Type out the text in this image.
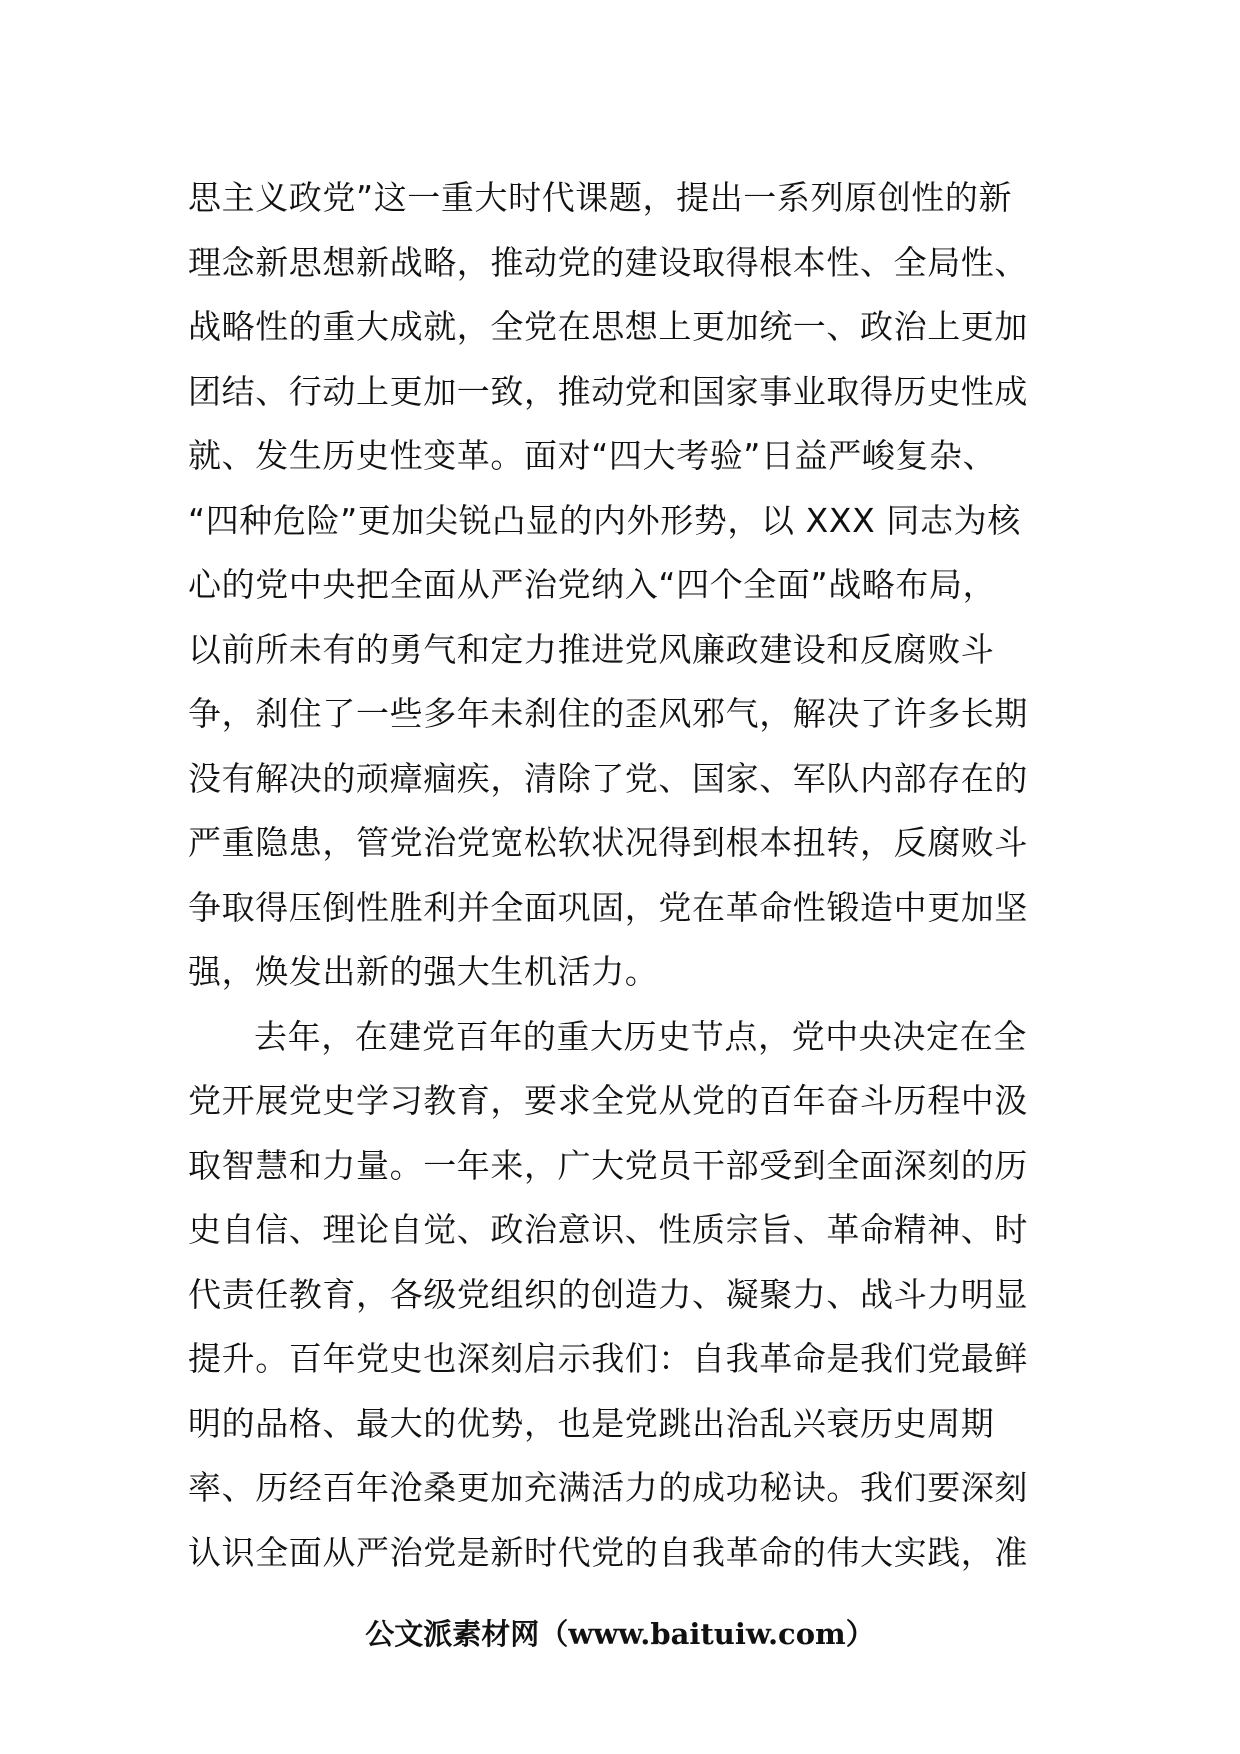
思主义政党”这一重大时代课题，提出一系列原创性的新
理念新思想新战略，推动党的建设取得根本性、全局性、
战略性的重大成就，全党在思想上更加统一、政治上更加
团结、行动上更加一致，推动党和国家事业取得历史性成
就、发生历史性变革。面对“四大考验”日益严峻复杂、
“四种危险”更加尖锐凸显的内外形势，以 XXX 同志为核
心的党中央把全面从严治党纳入“四个全面”战略布局，
以前所未有的勇气和定力推进党风廉政建设和反腐败斗
争，刹住了一些多年未刹住的歪风邪气，解决了许多长期
没有解决的顽瘴痼疾，清除了党、国家、军队内部存在的
严重隐患，管党治党宽松软状况得到根本扭转，反腐败斗
争取得压倒性胜利并全面巩固，党在革命性锻造中更加坚
强，焕发出新的强大生机活力。
去年，在建党百年的重大历史节点，党中央决定在全
党开展党史学习教育，要求全党从党的百年奋斗历程中汲
取智慧和力量。一年来，广大党员干部受到全面深刻的历
史自信、理论自觉、政治意识、性质宗旨、革命精神、时
代责任教育，各级党组织的创造力、凝聚力、战斗力明显
提升。百年党史也深刻启示我们：自我革命是我们党最鲜
明的品格、最大的优势，也是党跳出治乱兴衰历史周期
率、历经百年沧桑更加充满活力的成功秘诀。我们要深刻
认识全面从严治党是新时代党的自我革命的伟大实践，准
公文派素材网（www.baituiw.com）
